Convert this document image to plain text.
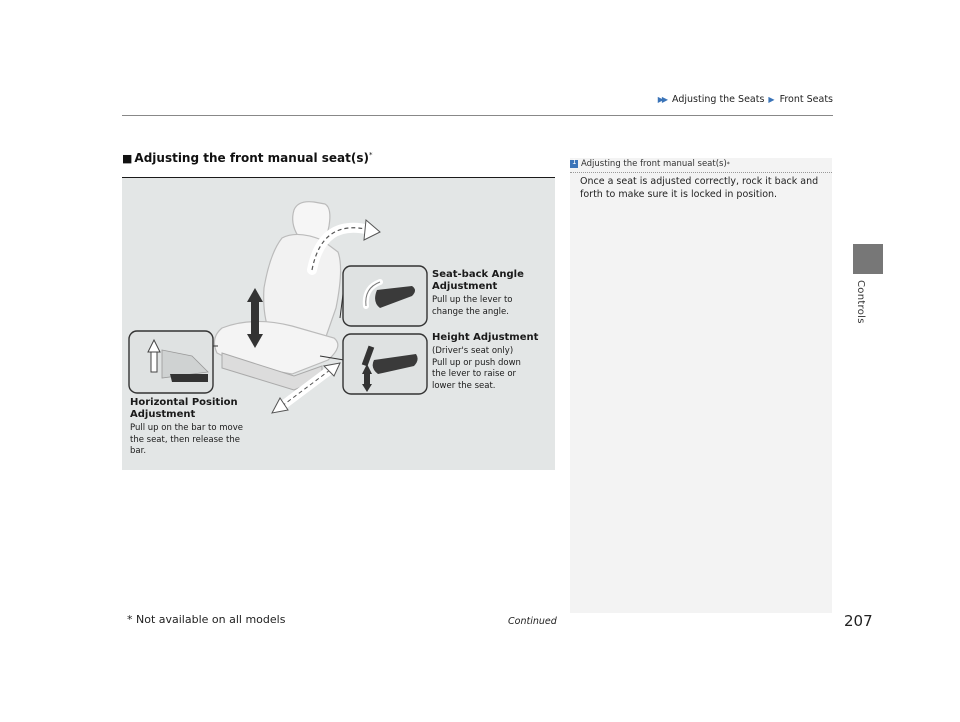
▶▶ Adjusting the Seats ▶ Front Seats
Controls
■ Adjusting the front manual seat(s)*
Seat-back Angle
Adjustment
Pull up the lever to
change the angle.
Height Adjustment
(Driver's seat only)
Pull up or push down
the lever to raise or
lower the seat.
Horizontal Position
Adjustment
Pull up on the bar to move
the seat, then release the
bar.
1 Adjusting the front manual seat(s) *
Once a seat is adjusted correctly, rock it back and
forth to make sure it is locked in position.
* Not available on all models	Continued	207
